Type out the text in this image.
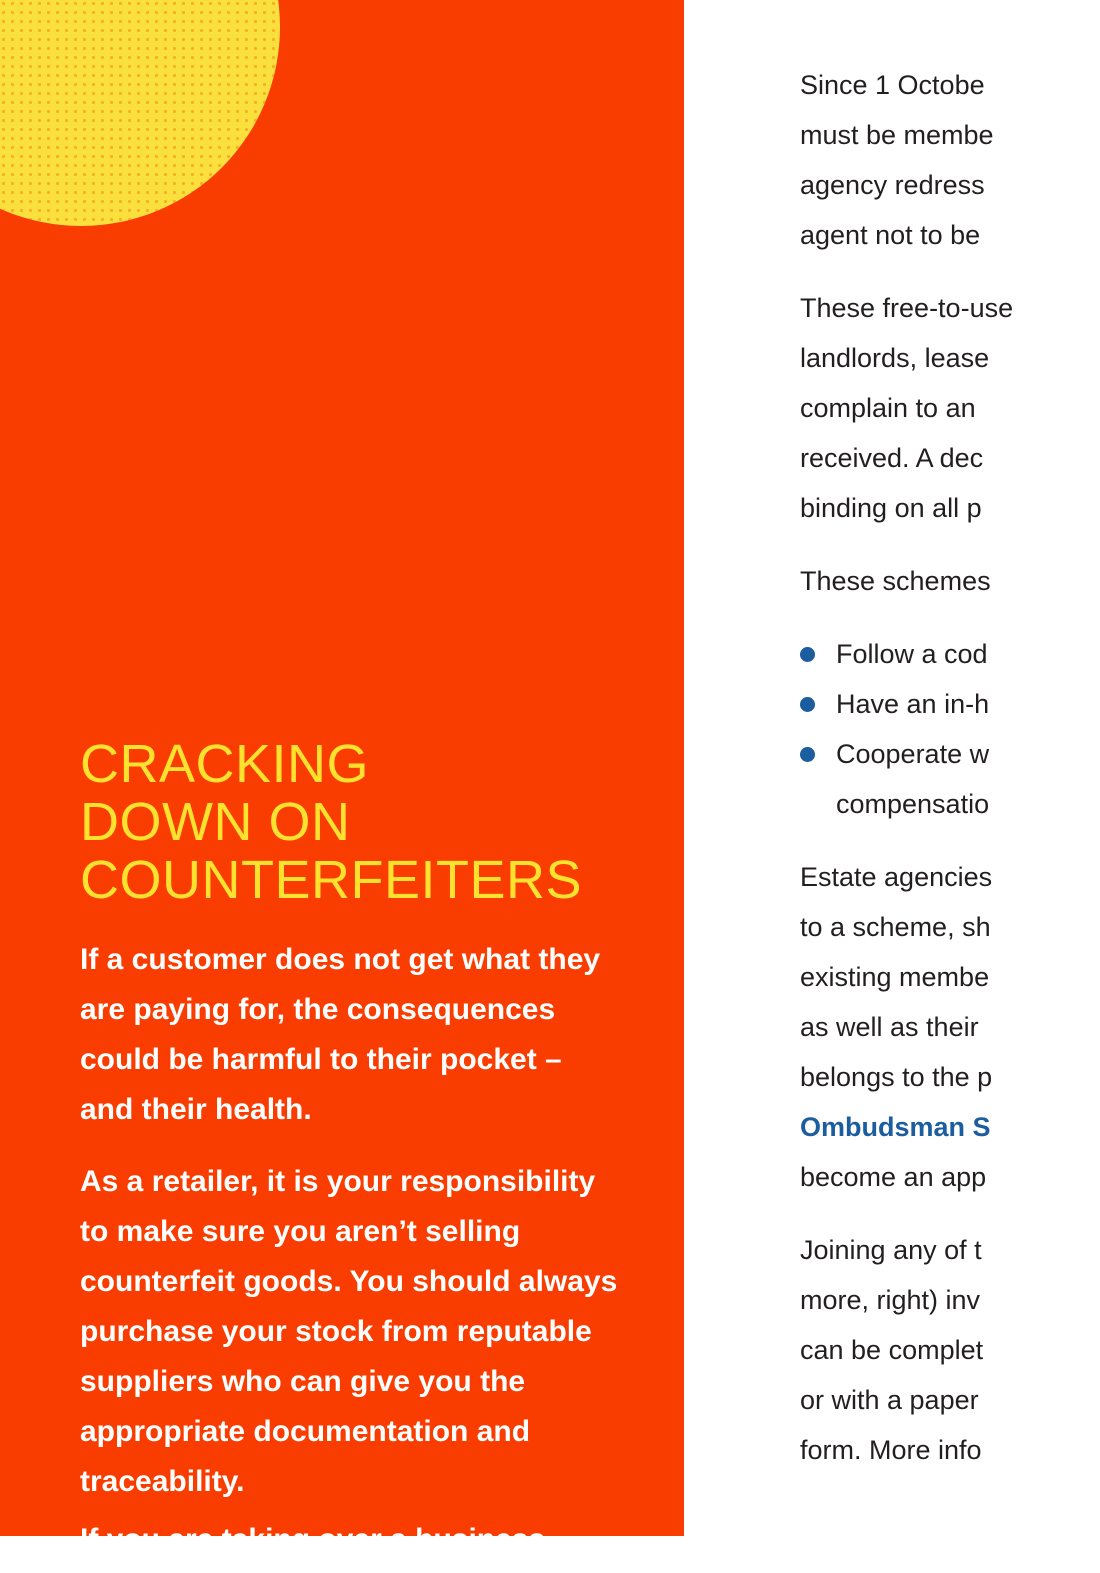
CRACKING
DOWN ON
COUNTERFEITERS

If a customer does not get what they are paying for, the consequences could be harmful to their pocket – and their health.

As a retailer, it is your responsibility to make sure you aren’t selling counterfeit goods. You should always purchase your stock from reputable suppliers who can give you the appropriate documentation and traceability.

If you are taking over a business

Since 1 Octobe
must be membe
agency redress
agent not to be

These free-to-use
landlords, lease
complain to an
received. A dec
binding on all p

These schemes

Follow a cod
Have an in-h
Cooperate w
compensatio

Estate agencies
to a scheme, sh
existing membe
as well as their
belongs to the p
Ombudsman S
become an app

Joining any of t
more, right) inv
can be complet
or with a paper
form. More info
